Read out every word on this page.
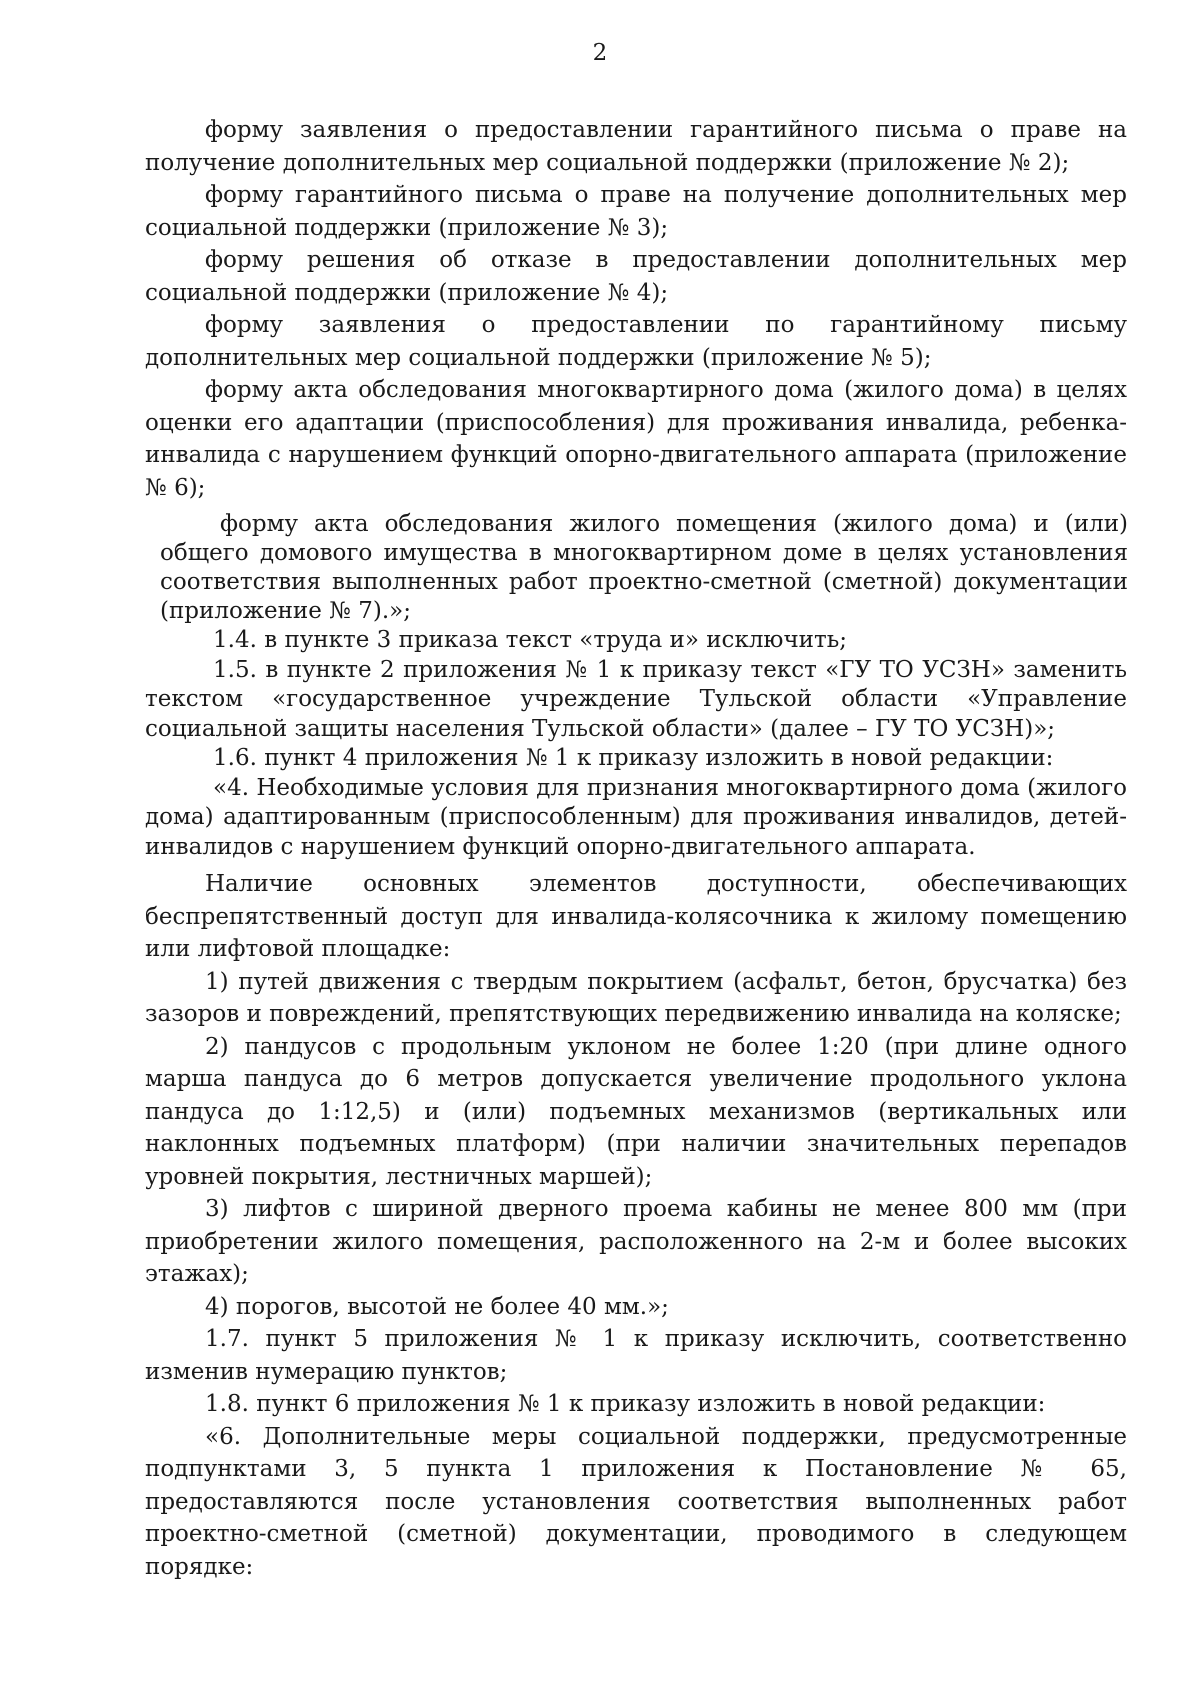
2

форму заявления о предоставлении гарантийного письма о праве на получение дополнительных мер социальной поддержки (приложение № 2);

форму гарантийного письма о праве на получение дополнительных мер социальной поддержки (приложение № 3);

форму решения об отказе в предоставлении дополнительных мер социальной поддержки (приложение № 4);

форму заявления о предоставлении по гарантийному письму дополнительных мер социальной поддержки (приложение № 5);

форму акта обследования многоквартирного дома (жилого дома) в целях оценки его адаптации (приспособления) для проживания инвалида, ребенка-инвалида с нарушением функций опорно-двигательного аппарата (приложение № 6);

форму акта обследования жилого помещения (жилого дома) и (или) общего домового имущества в многоквартирном доме в целях установления соответствия выполненных работ проектно-сметной (сметной) документации (приложение № 7).»;

1.4. в пункте 3 приказа текст «труда и» исключить;

1.5. в пункте 2 приложения № 1 к приказу текст «ГУ ТО УСЗН» заменить текстом «государственное учреждение Тульской области «Управление социальной защиты населения Тульской области» (далее – ГУ ТО УСЗН)»;

1.6. пункт 4 приложения № 1 к приказу изложить в новой редакции:

«4. Необходимые условия для признания многоквартирного дома (жилого дома) адаптированным (приспособленным) для проживания инвалидов, детей-инвалидов с нарушением функций опорно-двигательного аппарата.

Наличие основных элементов доступности, обеспечивающих беспрепятственный доступ для инвалида-колясочника к жилому помещению или лифтовой площадке:

1) путей движения с твердым покрытием (асфальт, бетон, брусчатка) без зазоров и повреждений, препятствующих передвижению инвалида на коляске;

2) пандусов с продольным уклоном не более 1:20 (при длине одного марша пандуса до 6 метров допускается увеличение продольного уклона пандуса до 1:12,5) и (или) подъемных механизмов (вертикальных или наклонных подъемных платформ) (при наличии значительных перепадов уровней покрытия, лестничных маршей);

3) лифтов с шириной дверного проема кабины не менее 800 мм (при приобретении жилого помещения, расположенного на 2-м и более высоких этажах);

4) порогов, высотой не более 40 мм.»;

1.7. пункт 5 приложения № 1 к приказу исключить, соответственно изменив нумерацию пунктов;

1.8. пункт 6 приложения № 1 к приказу изложить в новой редакции:

«6. Дополнительные меры социальной поддержки, предусмотренные подпунктами 3, 5 пункта 1 приложения к Постановление № 65, предоставляются после установления соответствия выполненных работ проектно-сметной (сметной) документации, проводимого в следующем порядке:
